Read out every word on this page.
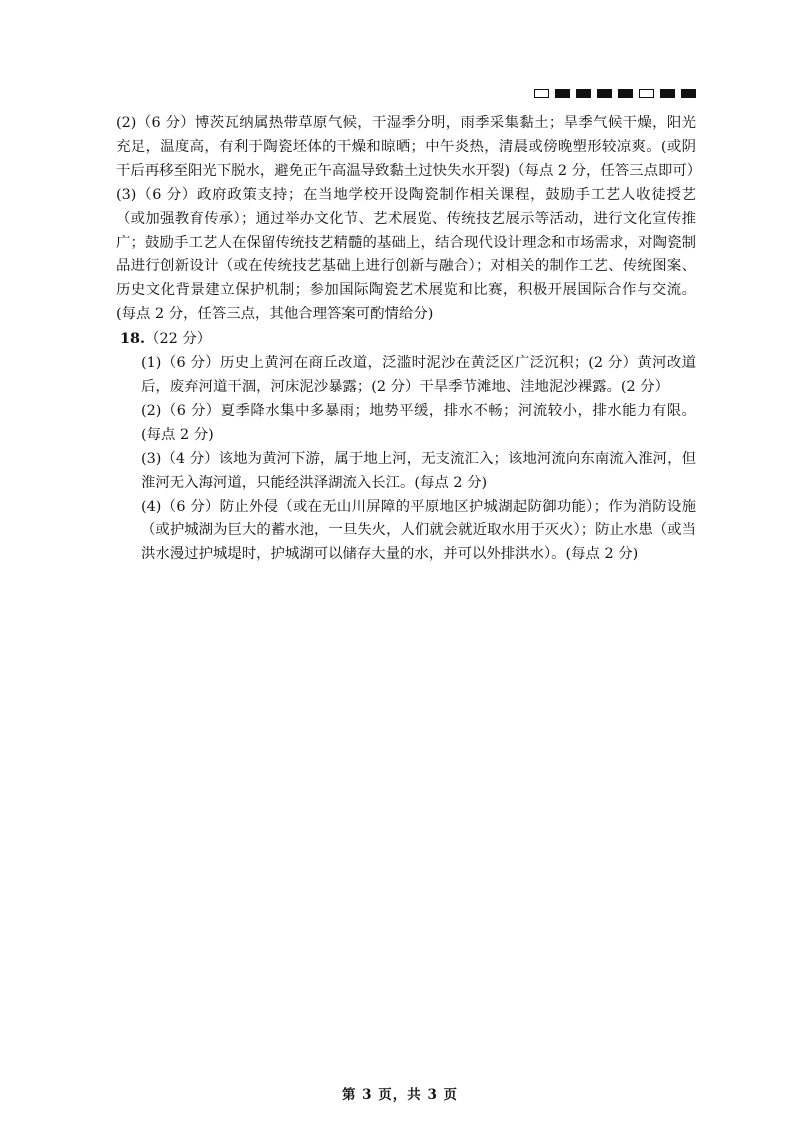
(2)（6 分）博茨瓦纳属热带草原气候，干湿季分明，雨季采集黏土；旱季气候干燥，阳光充足，温度高，有利于陶瓷坯体的干燥和晾晒；中午炎热，清晨或傍晚塑形较凉爽。(或阴干后再移至阳光下脱水，避免正午高温导致黏土过快失水开裂)（每点 2 分，任答三点即可）

(3)（6 分）政府政策支持；在当地学校开设陶瓷制作相关课程，鼓励手工艺人收徒授艺（或加强教育传承）；通过举办文化节、艺术展览、传统技艺展示等活动，进行文化宣传推广；鼓励手工艺人在保留传统技艺精髓的基础上，结合现代设计理念和市场需求，对陶瓷制品进行创新设计（或在传统技艺基础上进行创新与融合）；对相关的制作工艺、传统图案、历史文化背景建立保护机制；参加国际陶瓷艺术展览和比赛，积极开展国际合作与交流。(每点 2 分，任答三点，其他合理答案可酌情给分)

18.（22 分）

(1)（6 分）历史上黄河在商丘改道，泛滥时泥沙在黄泛区广泛沉积；(2 分）黄河改道后，废弃河道干涸，河床泥沙暴露；(2 分）干旱季节滩地、洼地泥沙裸露。(2 分）

(2)（6 分）夏季降水集中多暴雨；地势平缓，排水不畅；河流较小，排水能力有限。(每点 2 分)

(3)（4 分）该地为黄河下游，属于地上河，无支流汇入；该地河流向东南流入淮河，但淮河无入海河道，只能经洪泽湖流入长江。(每点 2 分)

(4)（6 分）防止外侵（或在无山川屏障的平原地区护城湖起防御功能）；作为消防设施（或护城湖为巨大的蓄水池，一旦失火，人们就会就近取水用于灭火）；防止水患（或当洪水漫过护城堤时，护城湖可以储存大量的水，并可以外排洪水）。(每点 2 分)

第 3 页，共 3 页
